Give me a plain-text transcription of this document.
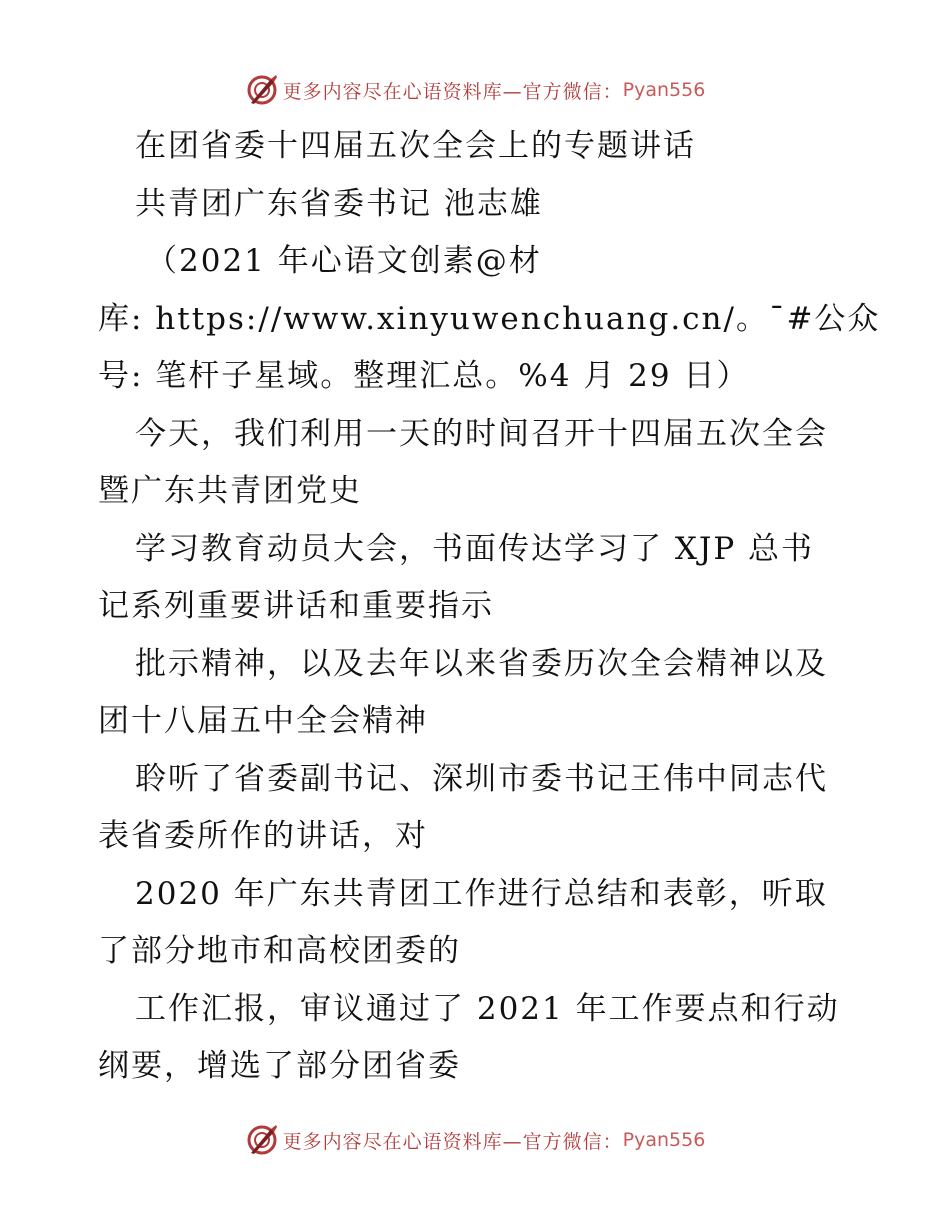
更多内容尽在心语资料库—官方微信： Pyan556
在团省委十四届五次全会上的专题讲话
共青团广东省委书记 池志雄
（2021 年心语文创素@材
库: https://www.xinyuwenchuang.cn/。¯#公众
号: 笔杆子星域。整理汇总。%4 月 29 日）
今天，我们利用一天的时间召开十四届五次全会
暨广东共青团党史
学习教育动员大会，书面传达学习了 XJP 总书
记系列重要讲话和重要指示
批示精神，以及去年以来省委历次全会精神以及
团十八届五中全会精神
聆听了省委副书记、深圳市委书记王伟中同志代
表省委所作的讲话，对
2020 年广东共青团工作进行总结和表彰，听取
了部分地市和高校团委的
工作汇报，审议通过了 2021 年工作要点和行动
纲要，增选了部分团省委
更多内容尽在心语资料库—官方微信： Pyan556
